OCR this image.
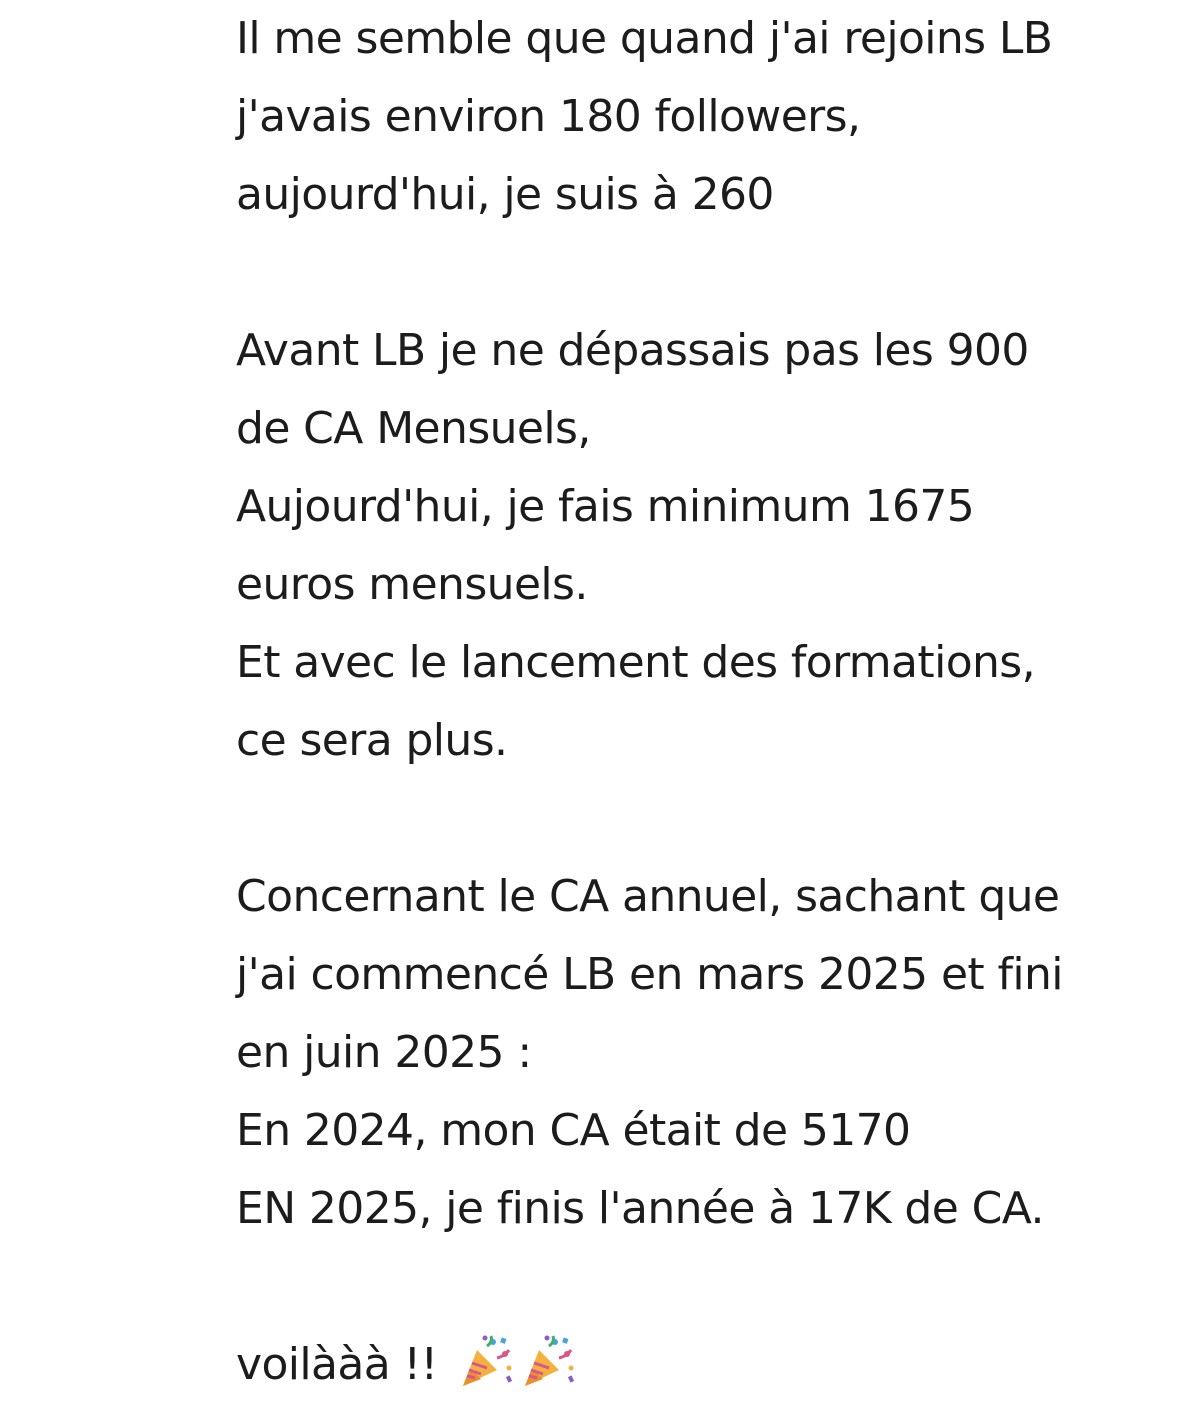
Il me semble que quand j'ai rejoins LB
j'avais environ 180 followers,
aujourd'hui, je suis à 260
Avant LB je ne dépassais pas les 900
de CA Mensuels,
Aujourd'hui, je fais minimum 1675
euros mensuels.
Et avec le lancement des formations,
ce sera plus.
Concernant le CA annuel, sachant que
j'ai commencé LB en mars 2025 et fini
en juin 2025 :
En 2024, mon CA était de 5170
EN 2025, je finis l'année à 17K de CA.
voilààà !!
